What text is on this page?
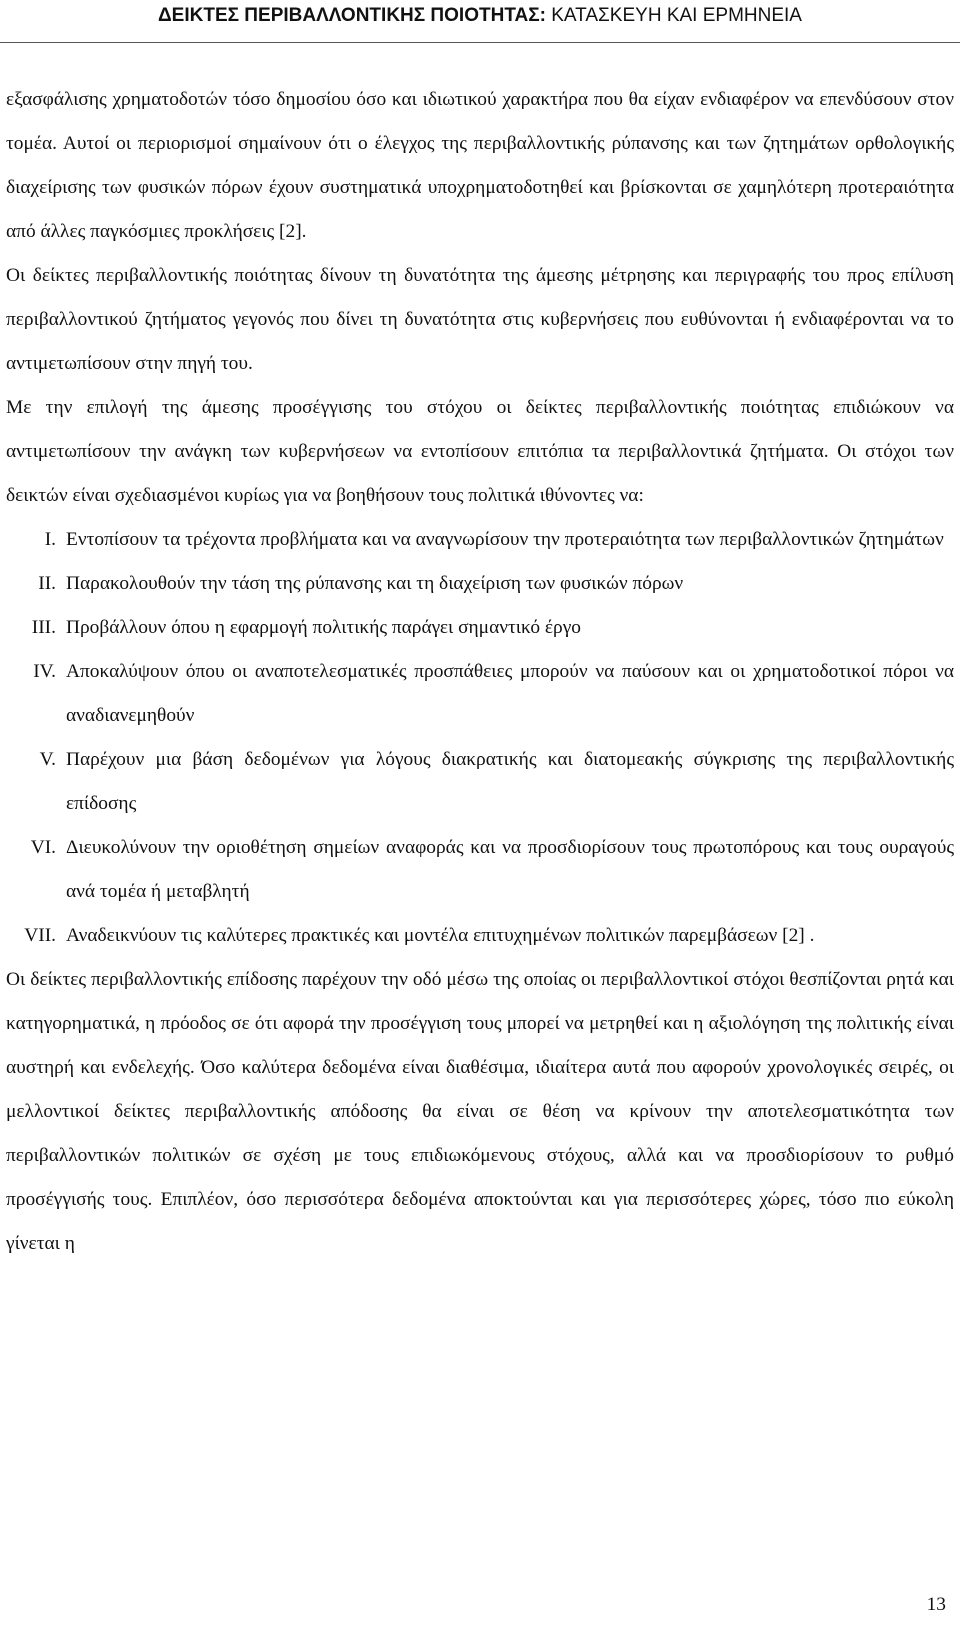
ΔΕΙΚΤΕΣ ΠΕΡΙΒΑΛΛΟΝΤΙΚΗΣ ΠΟΙΟΤΗΤΑΣ: ΚΑΤΑΣΚΕΥΗ ΚΑΙ ΕΡΜΗΝΕΙΑ

εξασφάλισης χρηματοδοτών τόσο δημοσίου όσο και ιδιωτικού χαρακτήρα που θα είχαν ενδιαφέρον να επενδύσουν στον τομέα. Αυτοί οι περιορισμοί σημαίνουν ότι ο έλεγχος της περιβαλλοντικής ρύπανσης και των ζητημάτων ορθολογικής διαχείρισης των φυσικών πόρων έχουν συστηματικά υποχρηματοδοτηθεί και βρίσκονται σε χαμηλότερη προτεραιότητα από άλλες παγκόσμιες προκλήσεις [2].

Οι δείκτες περιβαλλοντικής ποιότητας δίνουν τη δυνατότητα της άμεσης μέτρησης και περιγραφής του προς επίλυση περιβαλλοντικού ζητήματος γεγονός που δίνει τη δυνατότητα στις κυβερνήσεις που ευθύνονται ή ενδιαφέρονται να το αντιμετωπίσουν στην πηγή του.

Με την επιλογή της άμεσης προσέγγισης του στόχου οι δείκτες περιβαλλοντικής ποιότητας επιδιώκουν να αντιμετωπίσουν την ανάγκη των κυβερνήσεων να εντοπίσουν επιτόπια τα περιβαλλοντικά ζητήματα. Οι στόχοι των δεικτών είναι σχεδιασμένοι κυρίως για να βοηθήσουν τους πολιτικά ιθύνοντες να:

I. Εντοπίσουν τα τρέχοντα προβλήματα και να αναγνωρίσουν την προτεραιότητα των περιβαλλοντικών ζητημάτων
II. Παρακολουθούν την τάση της ρύπανσης και τη διαχείριση των φυσικών πόρων
III. Προβάλλουν όπου η εφαρμογή πολιτικής παράγει σημαντικό έργο
IV. Αποκαλύψουν όπου οι αναποτελεσματικές προσπάθειες μπορούν να παύσουν και οι χρηματοδοτικοί πόροι να αναδιανεμηθούν
V. Παρέχουν μια βάση δεδομένων για λόγους διακρατικής και διατομεακής σύγκρισης της περιβαλλοντικής επίδοσης
VI. Διευκολύνουν την οριοθέτηση σημείων αναφοράς και να προσδιορίσουν τους πρωτοπόρους και τους ουραγούς ανά τομέα ή μεταβλητή
VII. Αναδεικνύουν τις καλύτερες πρακτικές και μοντέλα επιτυχημένων πολιτικών παρεμβάσεων [2] .

Οι δείκτες περιβαλλοντικής επίδοσης παρέχουν την οδό μέσω της οποίας οι περιβαλλοντικοί στόχοι θεσπίζονται ρητά και κατηγορηματικά, η πρόοδος σε ότι αφορά την προσέγγιση τους μπορεί να μετρηθεί και η αξιολόγηση της πολιτικής είναι αυστηρή και ενδελεχής. Όσο καλύτερα δεδομένα είναι διαθέσιμα, ιδιαίτερα αυτά που αφορούν χρονολογικές σειρές, οι μελλοντικοί δείκτες περιβαλλοντικής απόδοσης θα είναι σε θέση να κρίνουν την αποτελεσματικότητα των περιβαλλοντικών πολιτικών σε σχέση με τους επιδιωκόμενους στόχους, αλλά και να προσδιορίσουν το ρυθμό προσέγγισής τους. Επιπλέον, όσο περισσότερα δεδομένα αποκτούνται και για περισσότερες χώρες, τόσο πιο εύκολη γίνεται η

13
